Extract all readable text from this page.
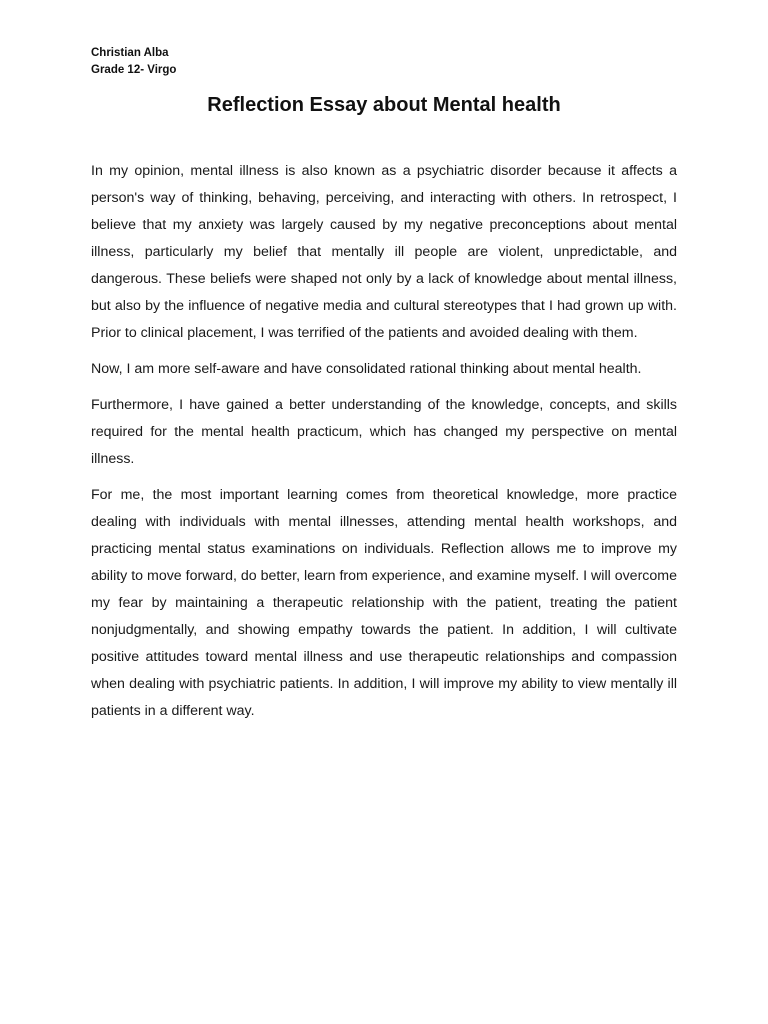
Christian Alba
Grade 12- Virgo
Reflection Essay about Mental health

In my opinion, mental illness is also known as a psychiatric disorder because it affects a person's way of thinking, behaving, perceiving, and interacting with others. In retrospect, I believe that my anxiety was largely caused by my negative preconceptions about mental illness, particularly my belief that mentally ill people are violent, unpredictable, and dangerous. These beliefs were shaped not only by a lack of knowledge about mental illness, but also by the influence of negative media and cultural stereotypes that I had grown up with. Prior to clinical placement, I was terrified of the patients and avoided dealing with them.

Now, I am more self-aware and have consolidated rational thinking about mental health.

Furthermore, I have gained a better understanding of the knowledge, concepts, and skills required for the mental health practicum, which has changed my perspective on mental illness.

For me, the most important learning comes from theoretical knowledge, more practice dealing with individuals with mental illnesses, attending mental health workshops, and practicing mental status examinations on individuals. Reflection allows me to improve my ability to move forward, do better, learn from experience, and examine myself. I will overcome my fear by maintaining a therapeutic relationship with the patient, treating the patient nonjudgmentally, and showing empathy towards the patient. In addition, I will cultivate positive attitudes toward mental illness and use therapeutic relationships and compassion when dealing with psychiatric patients. In addition, I will improve my ability to view mentally ill patients in a different way.
